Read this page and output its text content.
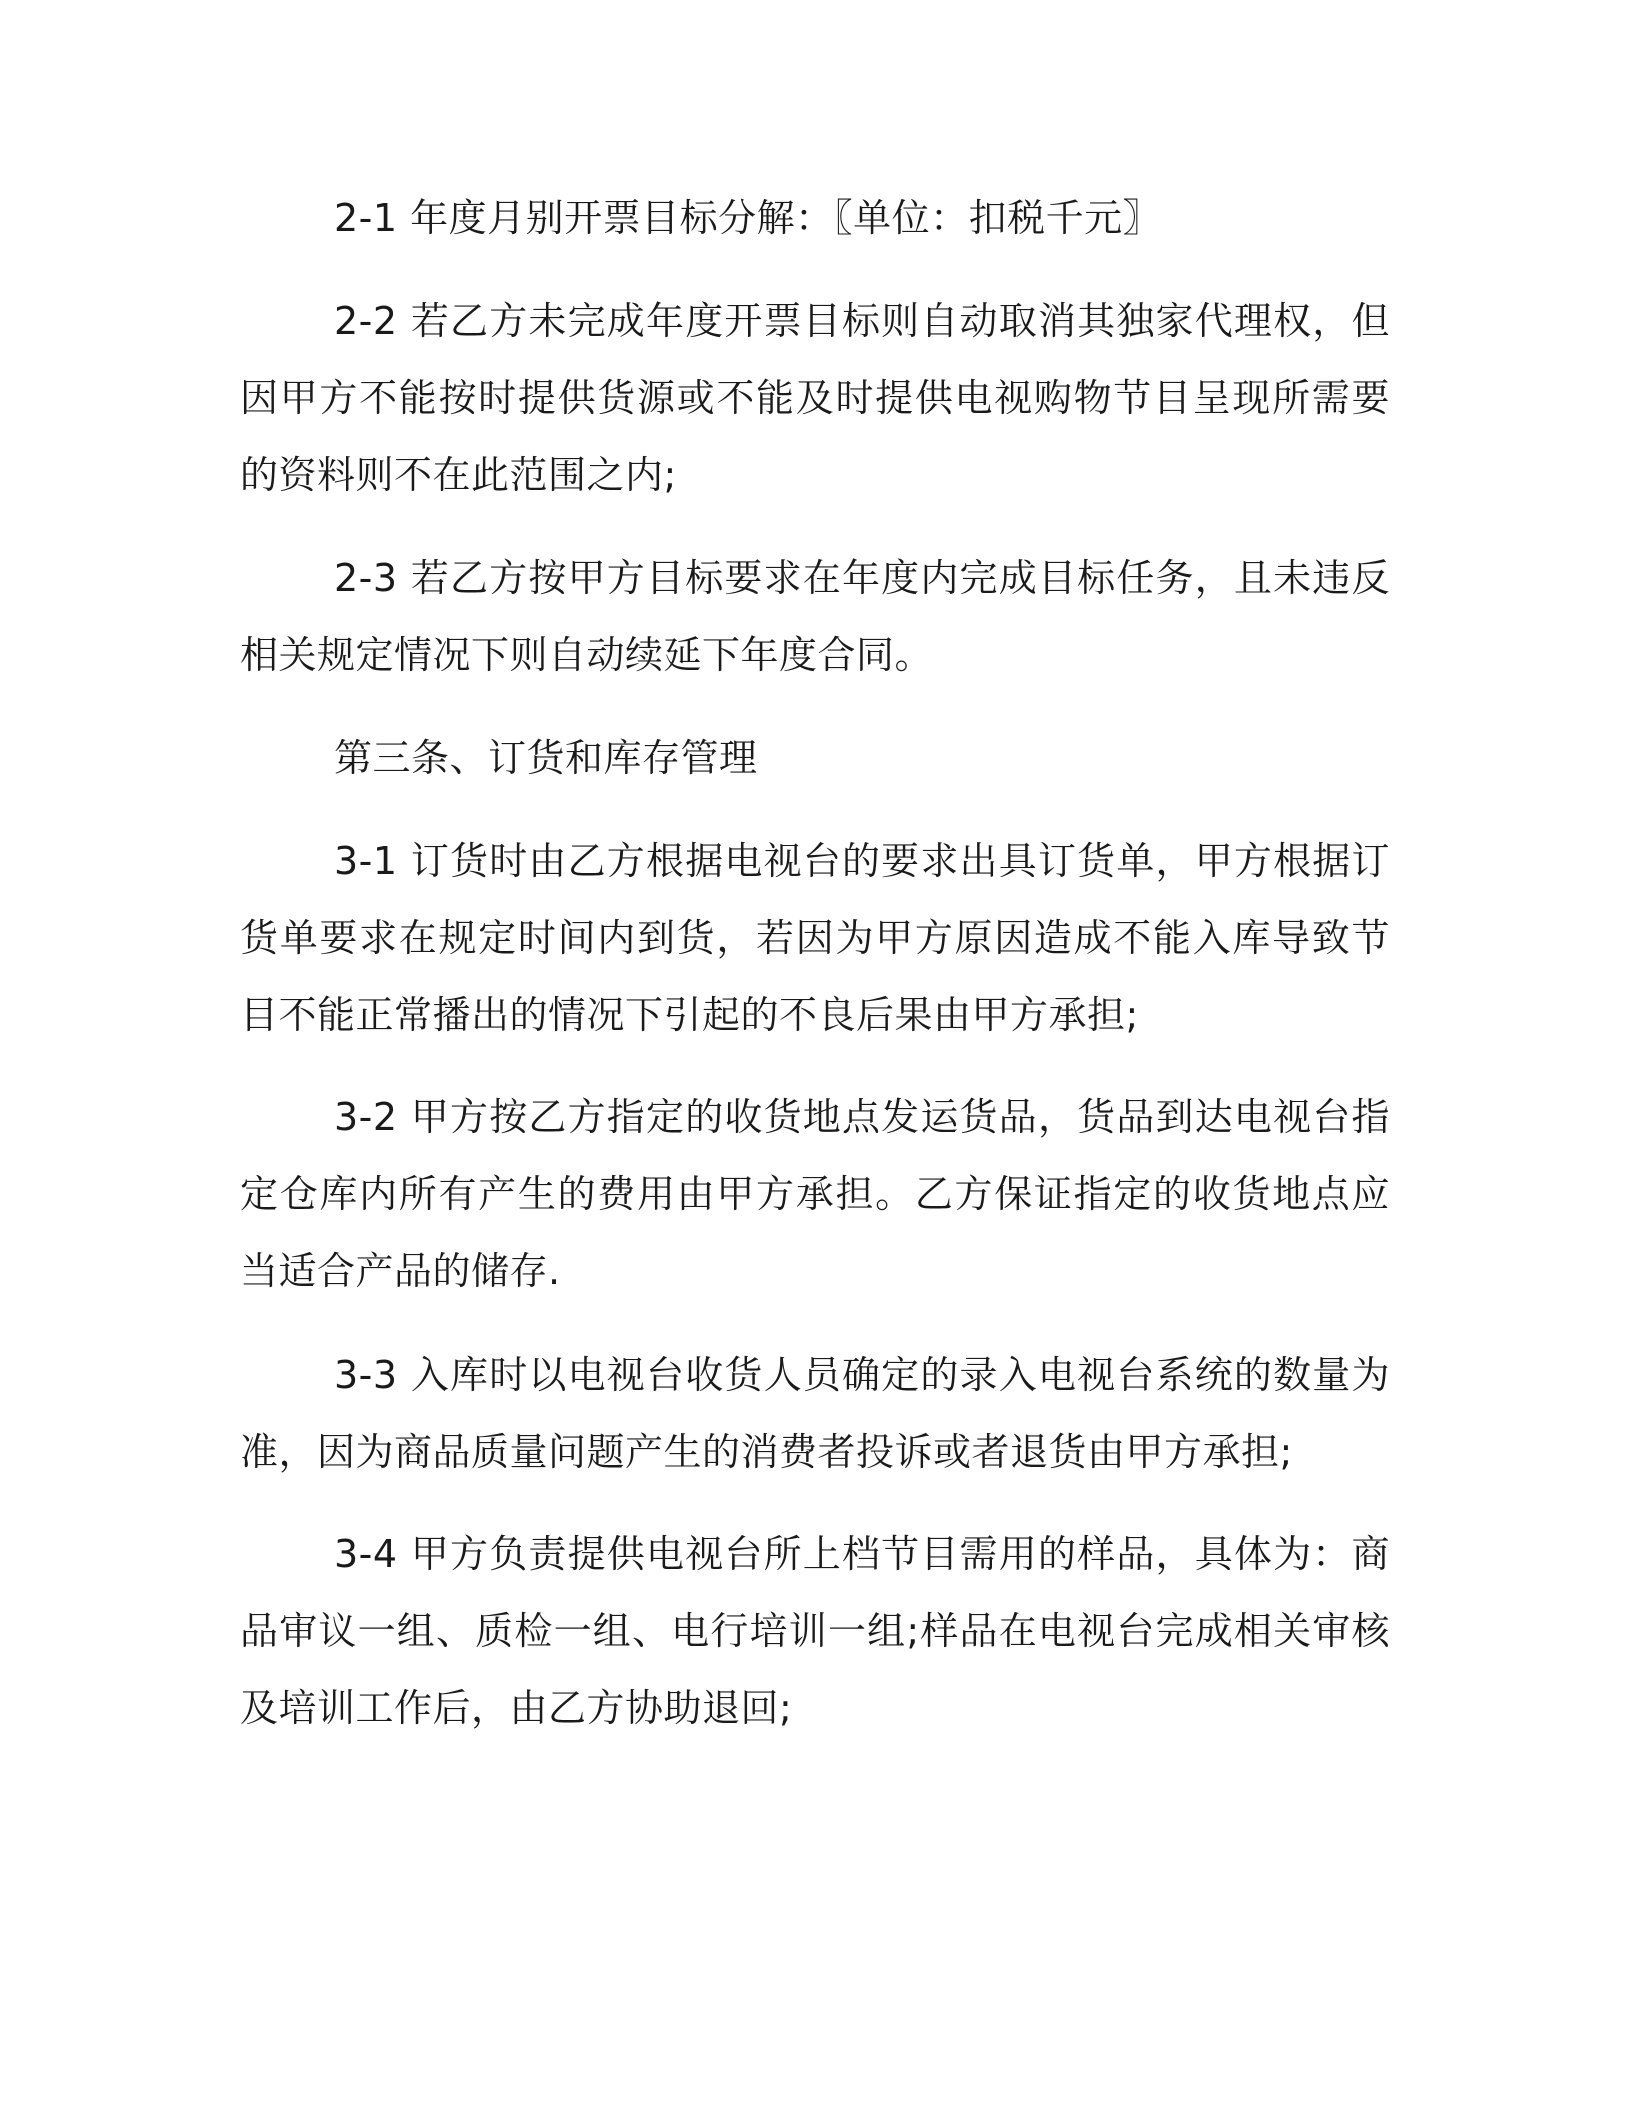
2-1 年度月别开票目标分解：〖单位：扣税千元〗

2-2 若乙方未完成年度开票目标则自动取消其独家代理权，但因甲方不能按时提供货源或不能及时提供电视购物节目呈现所需要的资料则不在此范围之内;

2-3 若乙方按甲方目标要求在年度内完成目标任务，且未违反相关规定情况下则自动续延下年度合同。

第三条、订货和库存管理

3-1 订货时由乙方根据电视台的要求出具订货单，甲方根据订货单要求在规定时间内到货，若因为甲方原因造成不能入库导致节目不能正常播出的情况下引起的不良后果由甲方承担;

3-2 甲方按乙方指定的收货地点发运货品，货品到达电视台指定仓库内所有产生的费用由甲方承担。乙方保证指定的收货地点应当适合产品的储存.

3-3 入库时以电视台收货人员确定的录入电视台系统的数量为准，因为商品质量问题产生的消费者投诉或者退货由甲方承担;

3-4 甲方负责提供电视台所上档节目需用的样品，具体为：商品审议一组、质检一组、电行培训一组;样品在电视台完成相关审核及培训工作后，由乙方协助退回;
